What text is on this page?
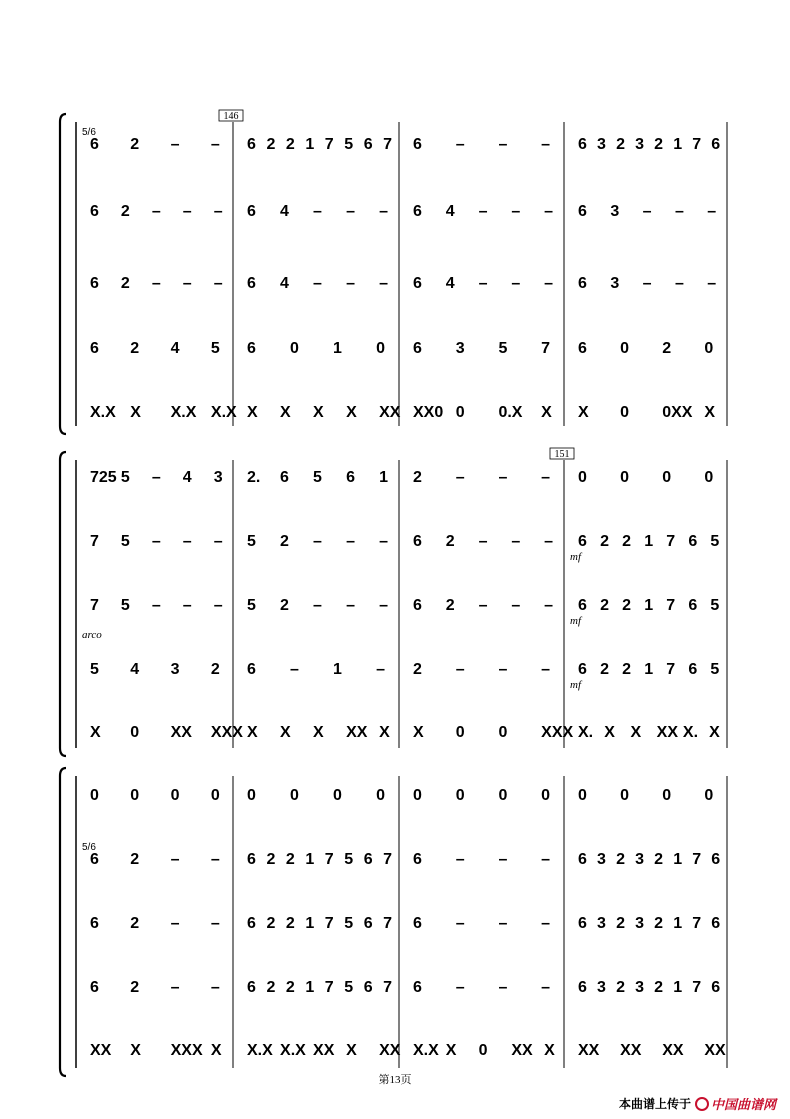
146
6 2 – – 6 2 2 1 7 5 6 7 6 – – – 6 3 2 3 2 1 7 6
5/6
6 2 – – – 6 4 – – – 6 4 – – – 6 3 – – –
6 2 – – – 6 4 – – – 6 4 – – – 6 3 – – –
6 2 4 5 6 0 1 0 6 3 5 7 6 0 2 0
X.X X X.X X.X X X X X XX XX0 0 0.X X X 0 0XX X
151
725 5 – 4 3 2. 6 5 6 1 2 – – – 0 0 0 0
7 5 – – – 5 2 – – – 6 2 – – – 6 2 2 1 7 6 5
mf
7 5 – – – 5 2 – – – 6 2 – – – 6 2 2 1 7 6 5
mf
5 4 3 2 6 – 1 – 2 – – – 6 2 2 1 7 6 5
arco
mf
X 0 XX XXX X X X XX X X 0 0 XXX X. X X XX X. X
0 0 0 0 0 0 0 0 0 0 0 0 0 0 0 0
6 2 – – 6 2 2 1 7 5 6 7 6 – – – 6 3 2 3 2 1 7 6
5/6
6 2 – – 6 2 2 1 7 5 6 7 6 – – – 6 3 2 3 2 1 7 6
6 2 – – 6 2 2 1 7 5 6 7 6 – – – 6 3 2 3 2 1 7 6
XX X XXX X X.X X.X XX X XX X.X X 0 XX X XX XX XX XX
第13页
本曲谱上传于 中国曲谱网
